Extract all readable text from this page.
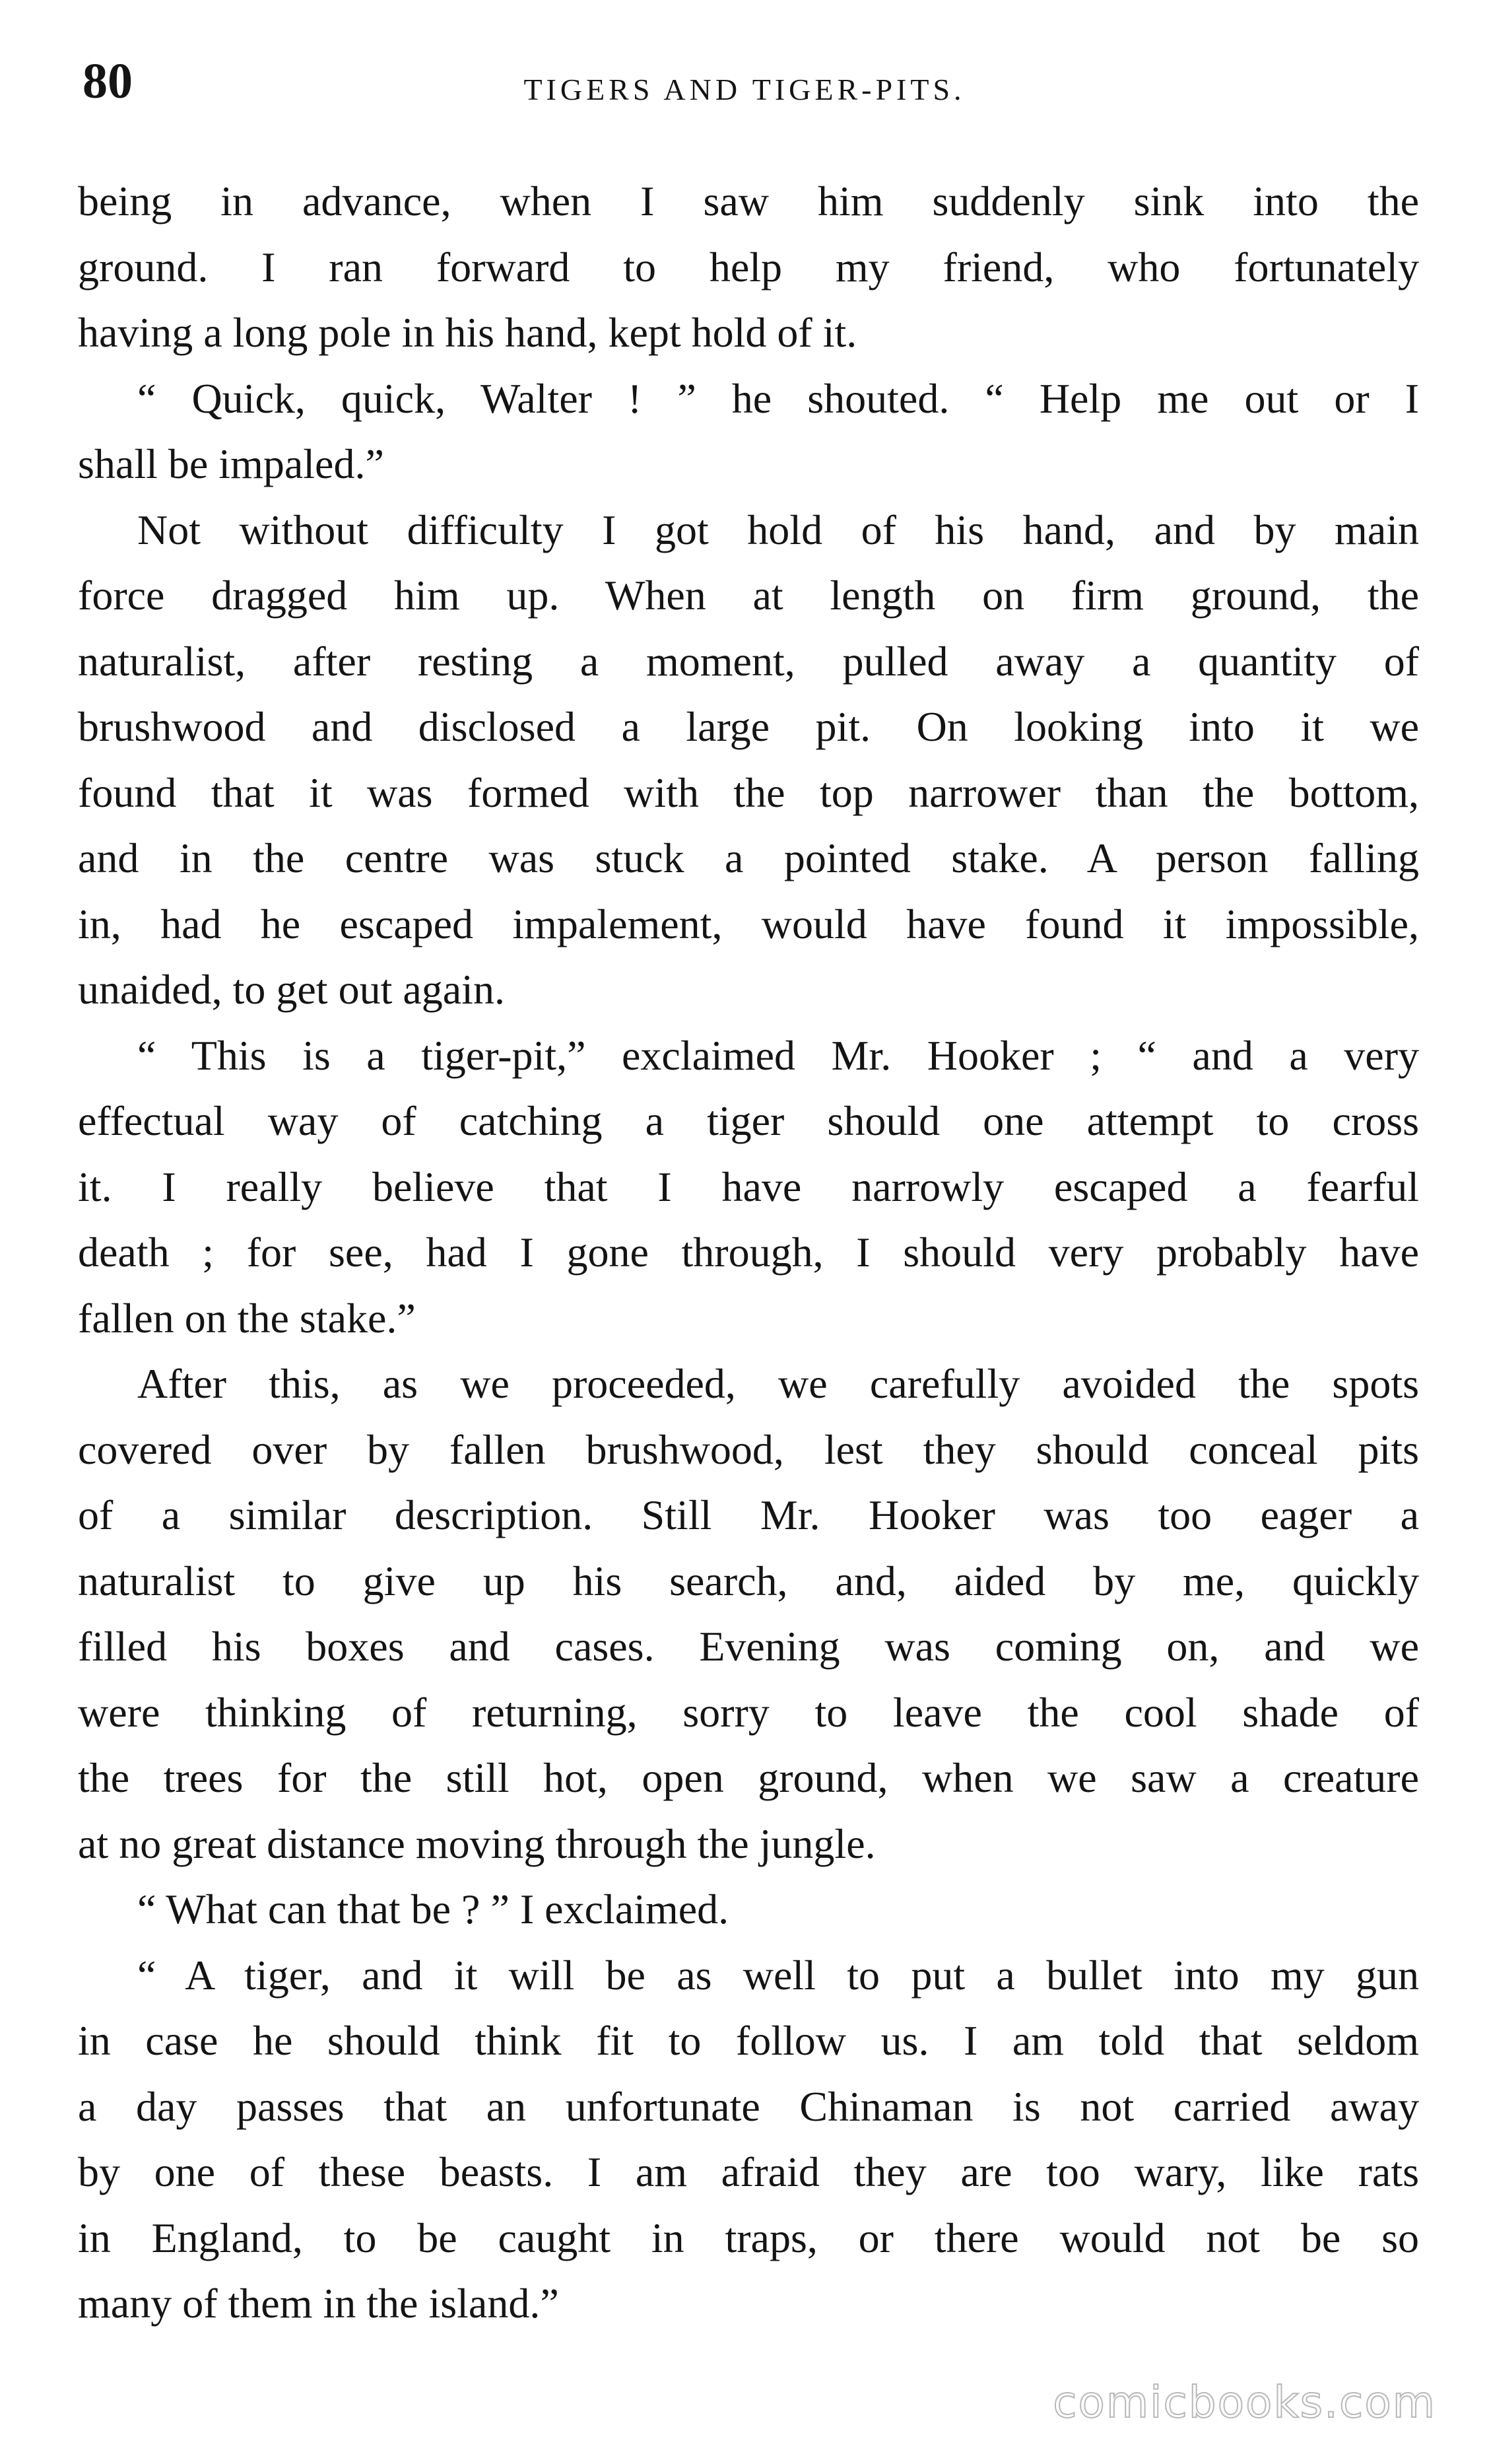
80	TIGERS AND TIGER-PITS.
being in advance, when I saw him suddenly sink into the
ground. I ran forward to help my friend, who fortunately
having a long pole in his hand, kept hold of it.
“ Quick, quick, Walter ! ” he shouted. “ Help me out or I
shall be impaled.”
Not without difficulty I got hold of his hand, and by main
force dragged him up. When at length on firm ground, the
naturalist, after resting a moment, pulled away a quantity of
brushwood and disclosed a large pit. On looking into it we
found that it was formed with the top narrower than the bottom,
and in the centre was stuck a pointed stake. A person falling
in, had he escaped impalement, would have found it impossible,
unaided, to get out again.
“ This is a tiger-pit,” exclaimed Mr. Hooker ; “ and a very
effectual way of catching a tiger should one attempt to cross
it. I really believe that I have narrowly escaped a fearful
death ; for see, had I gone through, I should very probably have
fallen on the stake.”
After this, as we proceeded, we carefully avoided the spots
covered over by fallen brushwood, lest they should conceal pits
of a similar description. Still Mr. Hooker was too eager a
naturalist to give up his search, and, aided by me, quickly
filled his boxes and cases. Evening was coming on, and we
were thinking of returning, sorry to leave the cool shade of
the trees for the still hot, open ground, when we saw a creature
at no great distance moving through the jungle.
“ What can that be ? ” I exclaimed.
“ A tiger, and it will be as well to put a bullet into my gun
in case he should think fit to follow us. I am told that seldom
a day passes that an unfortunate Chinaman is not carried away
by one of these beasts. I am afraid they are too wary, like rats
in England, to be caught in traps, or there would not be so
many of them in the island.”
comicbooks.com
